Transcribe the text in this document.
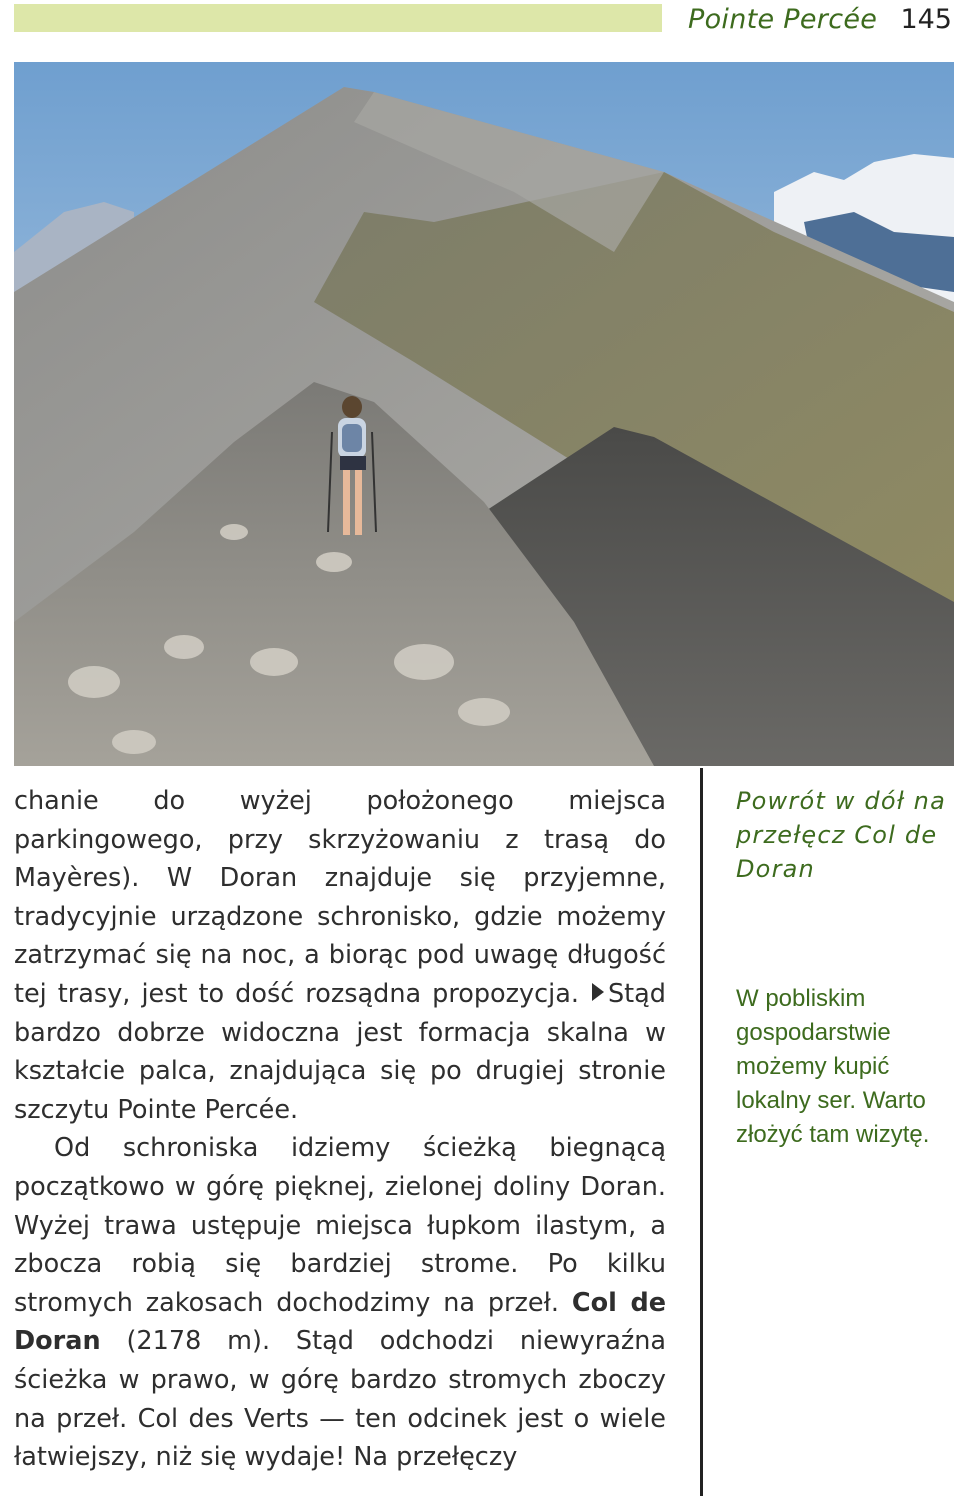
Pointe Percée 145

chanie do wyżej położonego miejsca parkingowego, przy skrzyżowaniu z trasą do Mayères). W Doran znajduje się przyjemne, tradycyjnie urządzone schronisko, gdzie możemy zatrzymać się na noc, a biorąc pod uwagę długość tej trasy, jest to dość rozsądna propozycja. Stąd bardzo dobrze widoczna jest formacja skalna w kształcie palca, znajdująca się po drugiej stronie szczytu Pointe Percée.

Od schroniska idziemy ścieżką biegnącą początkowo w górę pięknej, zielonej doliny Doran. Wyżej trawa ustępuje miejsca łupkom ilastym, a zbocza robią się bardziej strome. Po kilku stromych zakosach dochodzimy na przeł. Col de Doran (2178 m). Stąd odchodzi niewyraźna ścieżka w prawo, w górę bardzo stromych zboczy na przeł. Col des Verts — ten odcinek jest o wiele łatwiejszy, niż się wydaje! Na przełęczy

Powrót w dół na przełęcz Col de Doran
W pobliskim gospodarstwie możemy kupić lokalny ser. Warto złożyć tam wizytę.
